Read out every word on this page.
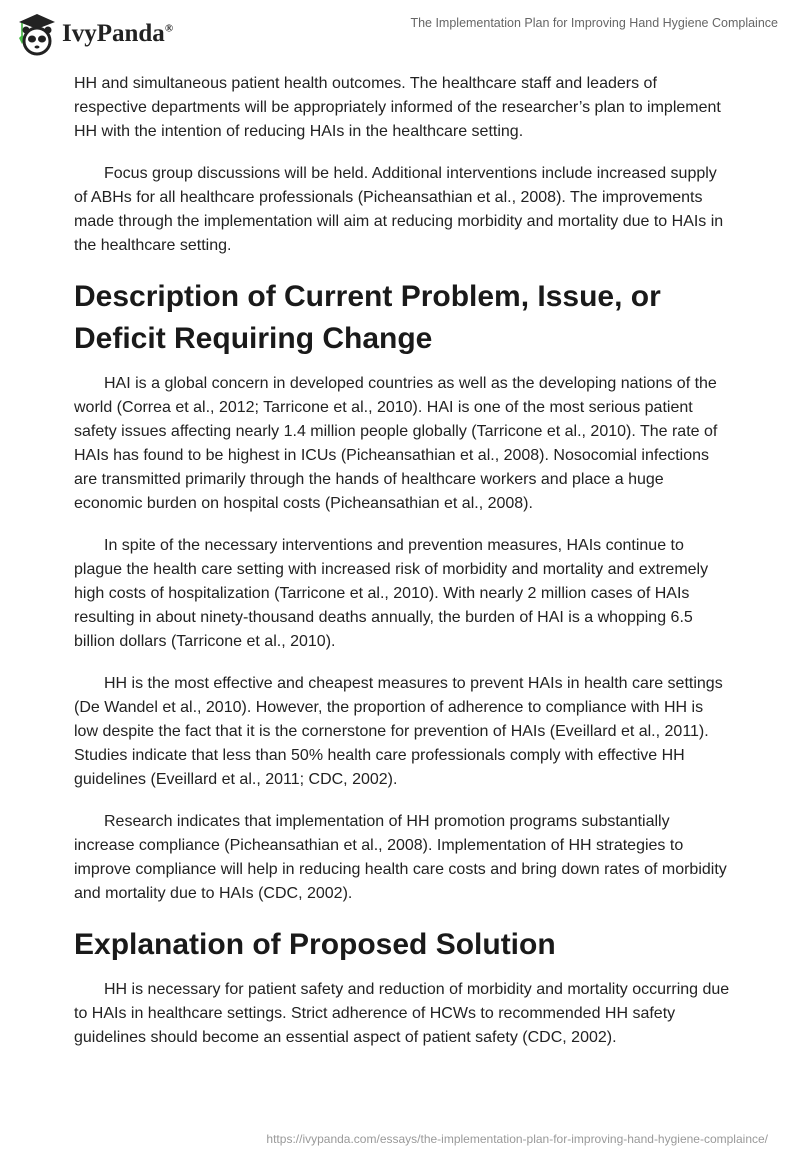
IvyPanda®	The Implementation Plan for Improving Hand Hygiene Complaince

HH and simultaneous patient health outcomes. The healthcare staff and leaders of respective departments will be appropriately informed of the researcher’s plan to implement HH with the intention of reducing HAIs in the healthcare setting.

Focus group discussions will be held. Additional interventions include increased supply of ABHs for all healthcare professionals (Picheansathian et al., 2008). The improvements made through the implementation will aim at reducing morbidity and mortality due to HAIs in the healthcare setting.

Description of Current Problem, Issue, or Deficit Requiring Change

HAI is a global concern in developed countries as well as the developing nations of the world (Correa et al., 2012; Tarricone et al., 2010). HAI is one of the most serious patient safety issues affecting nearly 1.4 million people globally (Tarricone et al., 2010). The rate of HAIs has found to be highest in ICUs (Picheansathian et al., 2008). Nosocomial infections are transmitted primarily through the hands of healthcare workers and place a huge economic burden on hospital costs (Picheansathian et al., 2008).

In spite of the necessary interventions and prevention measures, HAIs continue to plague the health care setting with increased risk of morbidity and mortality and extremely high costs of hospitalization (Tarricone et al., 2010). With nearly 2 million cases of HAIs resulting in about ninety-thousand deaths annually, the burden of HAI is a whopping 6.5 billion dollars (Tarricone et al., 2010).

HH is the most effective and cheapest measures to prevent HAIs in health care settings (De Wandel et al., 2010). However, the proportion of adherence to compliance with HH is low despite the fact that it is the cornerstone for prevention of HAIs (Eveillard et al., 2011). Studies indicate that less than 50% health care professionals comply with effective HH guidelines (Eveillard et al., 2011; CDC, 2002).

Research indicates that implementation of HH promotion programs substantially increase compliance (Picheansathian et al., 2008). Implementation of HH strategies to improve compliance will help in reducing health care costs and bring down rates of morbidity and mortality due to HAIs (CDC, 2002).

Explanation of Proposed Solution

HH is necessary for patient safety and reduction of morbidity and mortality occurring due to HAIs in healthcare settings. Strict adherence of HCWs to recommended HH safety guidelines should become an essential aspect of patient safety (CDC, 2002).

https://ivypanda.com/essays/the-implementation-plan-for-improving-hand-hygiene-complaince/
